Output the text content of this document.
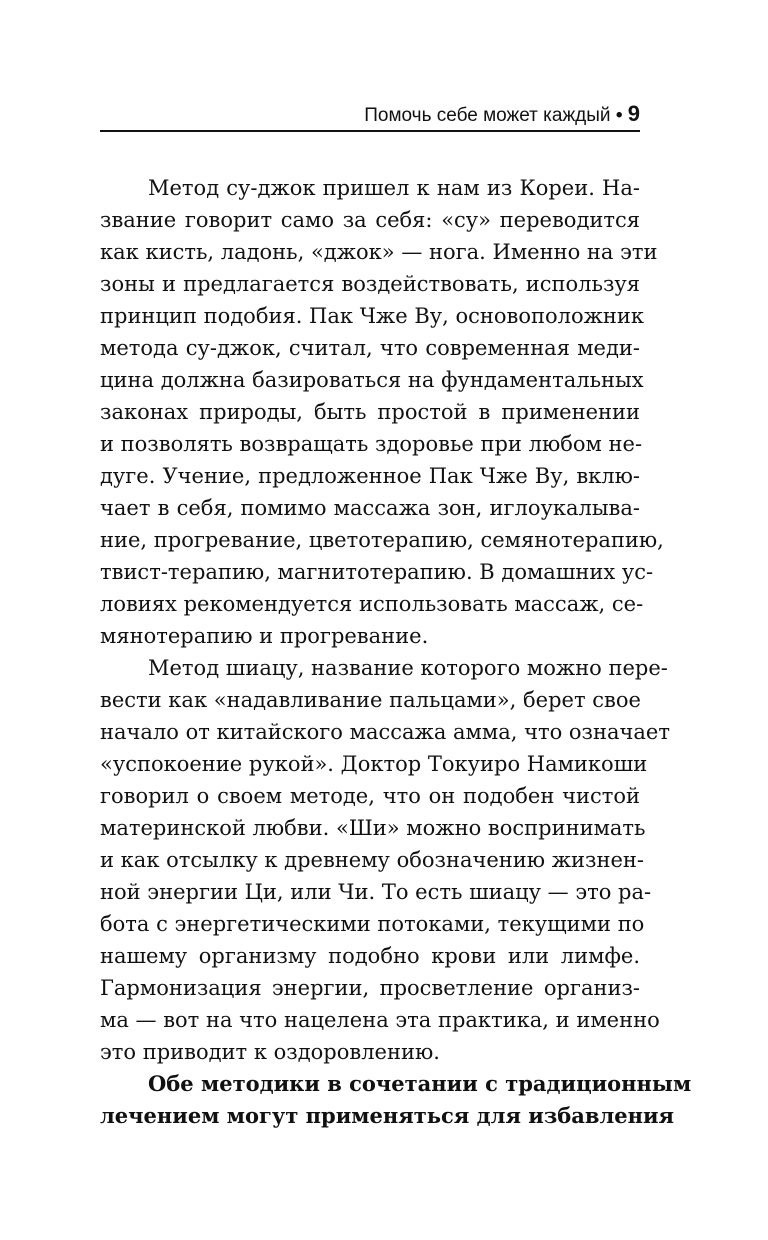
Помочь себе может каждый • 9
Метод су-джок пришел к нам из Кореи. На-
звание говорит само за себя: «су» переводится
как кисть, ладонь, «джок» — нога. Именно на эти
зоны и предлагается воздействовать, используя
принцип подобия. Пак Чже Ву, основоположник
метода су-джок, считал, что современная меди-
цина должна базироваться на фундаментальных
законах природы, быть простой в применении
и позволять возвращать здоровье при любом не-
дуге. Учение, предложенное Пак Чже Ву, вклю-
чает в себя, помимо массажа зон, иглоукалыва-
ние, прогревание, цветотерапию, семянотерапию,
твист-терапию, магнитотерапию. В домашних ус-
ловиях рекомендуется использовать массаж, се-
мянотерапию и прогревание.
Метод шиацу, название которого можно пере-
вести как «надавливание пальцами», берет свое
начало от китайского массажа амма, что означает
«успокоение рукой». Доктор Токуиро Намикоши
говорил о своем методе, что он подобен чистой
материнской любви. «Ши» можно воспринимать
и как отсылку к древнему обозначению жизнен-
ной энергии Ци, или Чи. То есть шиацу — это ра-
бота с энергетическими потоками, текущими по
нашему организму подобно крови или лимфе.
Гармонизация энергии, просветление организ-
ма — вот на что нацелена эта практика, и именно
это приводит к оздоровлению.
Обе методики в сочетании с традиционным
лечением могут применяться для избавления
